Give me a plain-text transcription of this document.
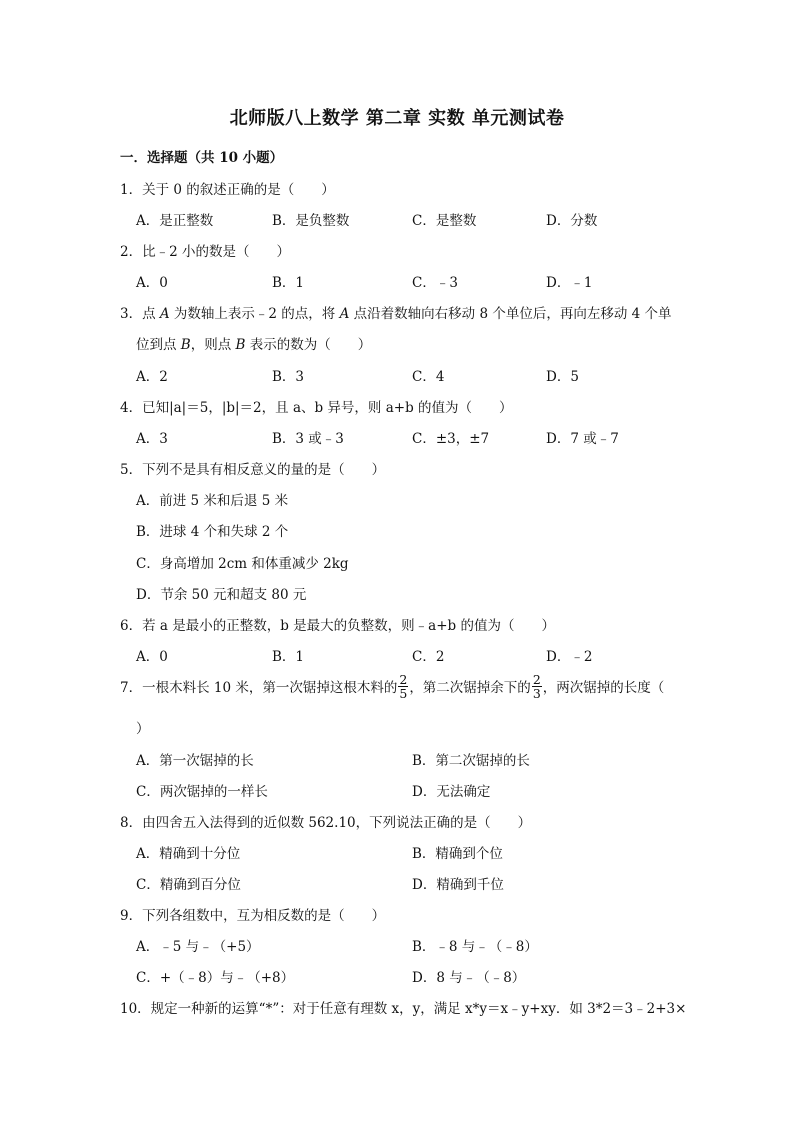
北师版八上数学 第二章 实数 单元测试卷
一．选择题（共 10 小题）
1．关于 0 的叙述正确的是（　　）
A．是正整数	B．是负整数	C．是整数	D．分数
2．比﹣2 小的数是（　　）
A．0	B．1	C．﹣3	D．﹣1
3．点 A 为数轴上表示﹣2 的点，将 A 点沿着数轴向右移动 8 个单位后，再向左移动 4 个单
位到点 B，则点 B 表示的数为（　　）
A．2	B．3	C．4	D．5
4．已知|a|＝5，|b|＝2，且 a、b 异号，则 a+b 的值为（　　）
A．3	B．3 或﹣3	C．±3，±7	D．7 或﹣7
5．下列不是具有相反意义的量的是（　　）
A．前进 5 米和后退 5 米
B．进球 4 个和失球 2 个
C．身高增加 2cm 和体重减少 2kg
D．节余 50 元和超支 80 元
6．若 a 是最小的正整数，b 是最大的负整数，则﹣a+b 的值为（　　）
A．0	B．1	C．2	D．﹣2
7．一根木料长 10 米，第一次锯掉这根木料的 $\frac{2}{5}$ ，第二次锯掉余下的 $\frac{2}{3}$ ，两次锯掉的长度（
）
A．第一次锯掉的长	B．第二次锯掉的长
C．两次锯掉的一样长	D．无法确定
8．由四舍五入法得到的近似数 562.10，下列说法正确的是（　　）
A．精确到十分位	B．精确到个位
C．精确到百分位	D．精确到千位
9．下列各组数中，互为相反数的是（　　）
A．﹣5 与﹣（+5）	B．﹣8 与﹣（﹣8）
C．+（﹣8）与﹣（+8）	D．8 与﹣（﹣8）
10．规定一种新的运算“*”：对于任意有理数 x，y，满足 x*y＝x﹣y+xy．如 3*2＝3﹣2+3×
